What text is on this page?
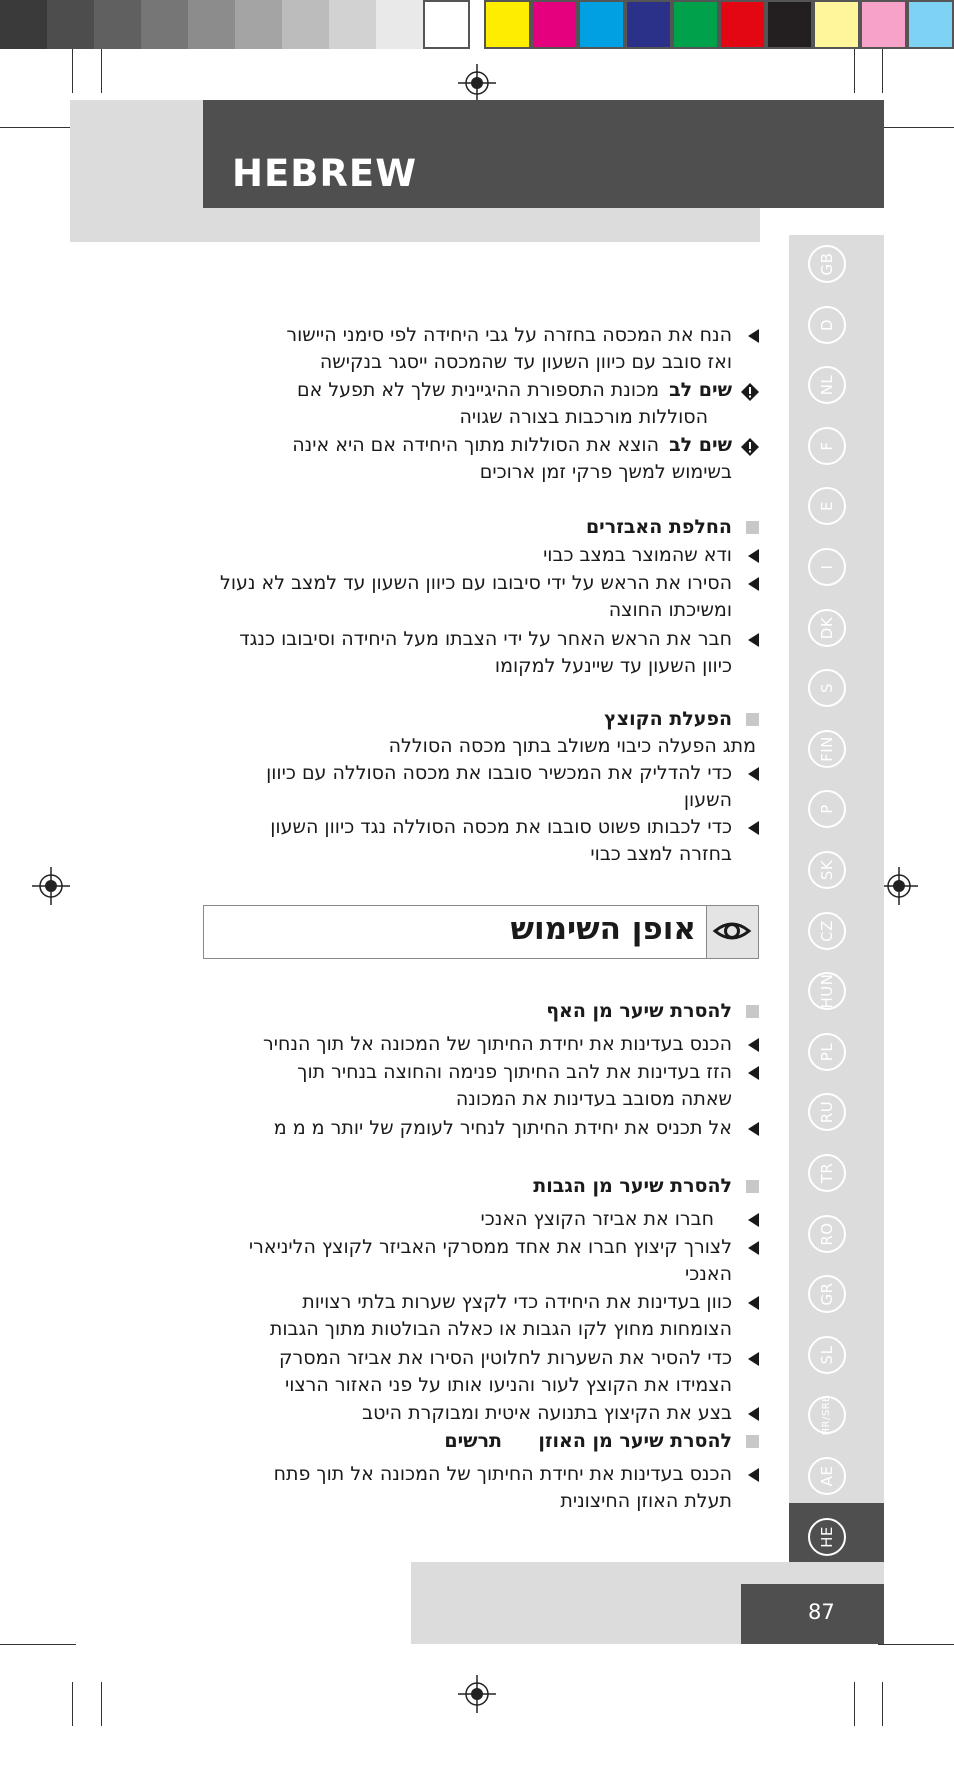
HEBREW
GB
D
NL
F
E
I
DK
S
FIN
P
SK
CZ
HUN
PL
RU
TR
RO
GR
SL
HR/SRB
AE
HE
87
הנח את המכסה בחזרה על גבי היחידה לפי סימני היישור
ואז סובב עם כיוון השעון עד שהמכסה ייסגר בנקישה
שים לב
מכונת התספורת ההיגיינית שלך לא תפעל אם
הסוללות מורכבות בצורה שגויה
שים לב
הוצא את הסוללות מתוך היחידה אם היא אינה
בשימוש למשך פרקי זמן ארוכים
החלפת האבזרים
ודא שהמוצר במצב כבוי
הסירו את הראש על ידי סיבובו עם כיוון השעון עד למצב לא נעול
ומשיכתו החוצה
חבר את הראש האחר על ידי הצבתו מעל היחידה וסיבובו כנגד
כיוון השעון עד שיינעל למקומו
הפעלת הקוצץ
מתג הפעלה כיבוי משולב בתוך מכסה הסוללה
כדי להדליק את המכשיר סובבו את מכסה הסוללה עם כיוון
השעון
כדי לכבותו פשוט סובבו את מכסה הסוללה נגד כיוון השעון
בחזרה למצב כבוי
אופן השימוש
להסרת שיער מן האף
הכנס בעדינות את יחידת החיתוך של המכונה אל תוך הנחיר
הזז בעדינות את להב החיתוך פנימה והחוצה בנחיר תוך
שאתה מסובב בעדינות את המכונה
אל תכניס את יחידת החיתוך לנחיר לעומק של יותר מ מ מ
להסרת שיער מן הגבות
חברו את אביזר הקוצץ האנכי
לצורך קיצוץ חברו את אחד ממסרקי האביזר לקוצץ הליניארי
האנכי
כוון בעדינות את היחידה כדי לקצץ שערות בלתי רצויות
הצומחות מחוץ לקו הגבות או כאלה הבולטות מתוך הגבות
כדי להסיר את השערות לחלוטין הסירו את אביזר המסרק
הצמידו את הקוצץ לעור והניעו אותו על פני האזור הרצוי
בצע את הקיצוץ בתנועה איטית ומבוקרת היטב
להסרת שיער מן האוזן
תרשים
הכנס בעדינות את יחידת החיתוך של המכונה אל תוך פתח
תעלת האוזן החיצונית
